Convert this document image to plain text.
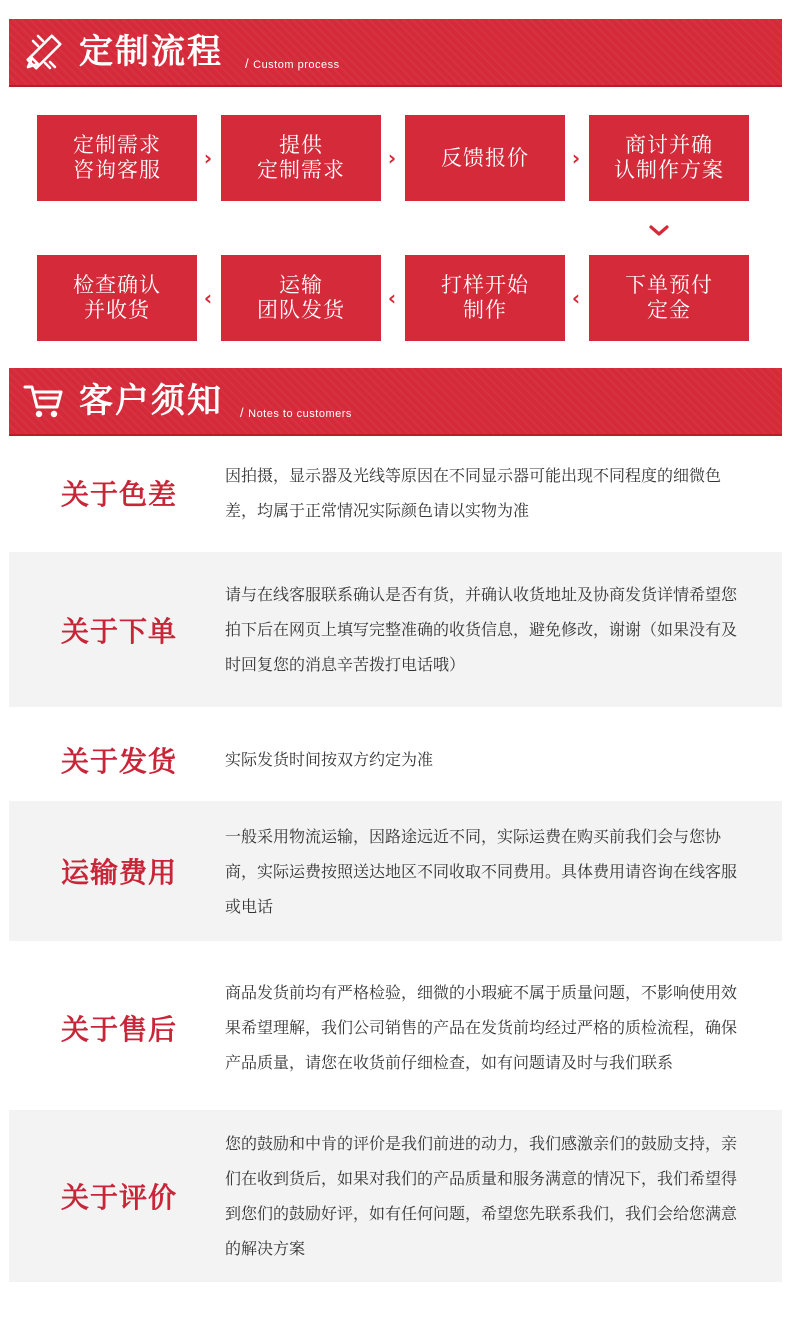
定制流程	/ Custom process
定制需求
咨询客服	›
提供
定制需求	›	反馈报价	›
商讨并确
认制作方案
检查确认
并收货	‹
运输
团队发货	‹
打样开始
制作	‹
下单预付
定金
客户须知	/ Notes to customers
关于色差
因拍摄，显示器及光线等原因在不同显示器可能出现不同程度的细微色差，均属于正常情况实际颜色请以实物为准
关于下单
请与在线客服联系确认是否有货，并确认收货地址及协商发货详情希望您拍下后在网页上填写完整准确的收货信息，避免修改，谢谢（如果没有及时回复您的消息辛苦拨打电话哦）
关于发货	实际发货时间按双方约定为准
运输费用
一般采用物流运输，因路途远近不同，实际运费在购买前我们会与您协商，实际运费按照送达地区不同收取不同费用。具体费用请咨询在线客服或电话
关于售后
商品发货前均有严格检验，细微的小瑕疵不属于质量问题，不影响使用效果希望理解，我们公司销售的产品在发货前均经过严格的质检流程，确保产品质量，请您在收货前仔细检查，如有问题请及时与我们联系
关于评价
您的鼓励和中肯的评价是我们前进的动力，我们感激亲们的鼓励支持，亲们在收到货后，如果对我们的产品质量和服务满意的情况下，我们希望得到您们的鼓励好评，如有任何问题，希望您先联系我们，我们会给您满意的解决方案
